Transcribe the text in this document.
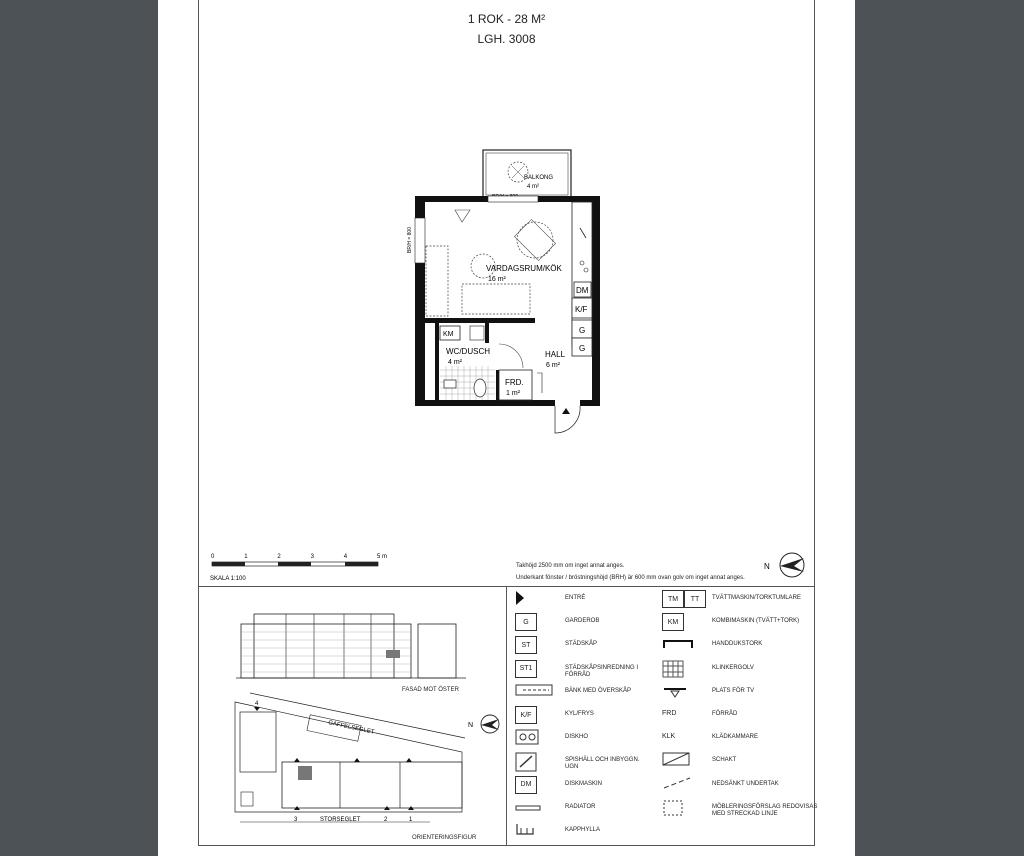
1 ROK - 28 M²
LGH. 3008
BALKONG
4 m²
BR/H = 800
DM
K/F
G
G
VARDAGSRUM/KÖK
16 m²
KM
WC/DUSCH
4 m²
HALL
6 m²
FRD.
1 m²
0	1	2	3	4	5 m
SKALA 1:100
Takhöjd 2500 mm om inget annat anges.
Underkant fönster / bröstningshöjd (BRH) är 600 mm ovan golv om inget annat anges.
N
FASAD MOT ÖSTER
GAFFELSEGLET
STORSEGLET
4
3	2	1
N
ORIENTERINGSFIGUR
ENTRÉ
G	GARDEROB
ST	STÄDSKÅP
ST1	STÄDSKÅPSINREDNING I FÖRRÅD
BÄNK MED ÖVERSKÅP
K/F	KYL/FRYS
DISKHO
SPISHÄLL OCH INBYGGN. UGN
DM	DISKMASKIN
RADIATOR
KAPPHYLLA
TM	TT	TVÄTTMASKIN/TORKTUMLARE
KM	KOMBIMASKIN (TVÄTT+TORK)
HANDDUKSTORK
KLINKERGOLV
PLATS FÖR TV
FRD	FÖRRÅD
KLK	KLÄDKAMMARE
SCHAKT
NEDSÄNKT UNDERTAK
MÖBLERINGSFÖRSLAG REDOVISAS MED STRECKAD LINJE
